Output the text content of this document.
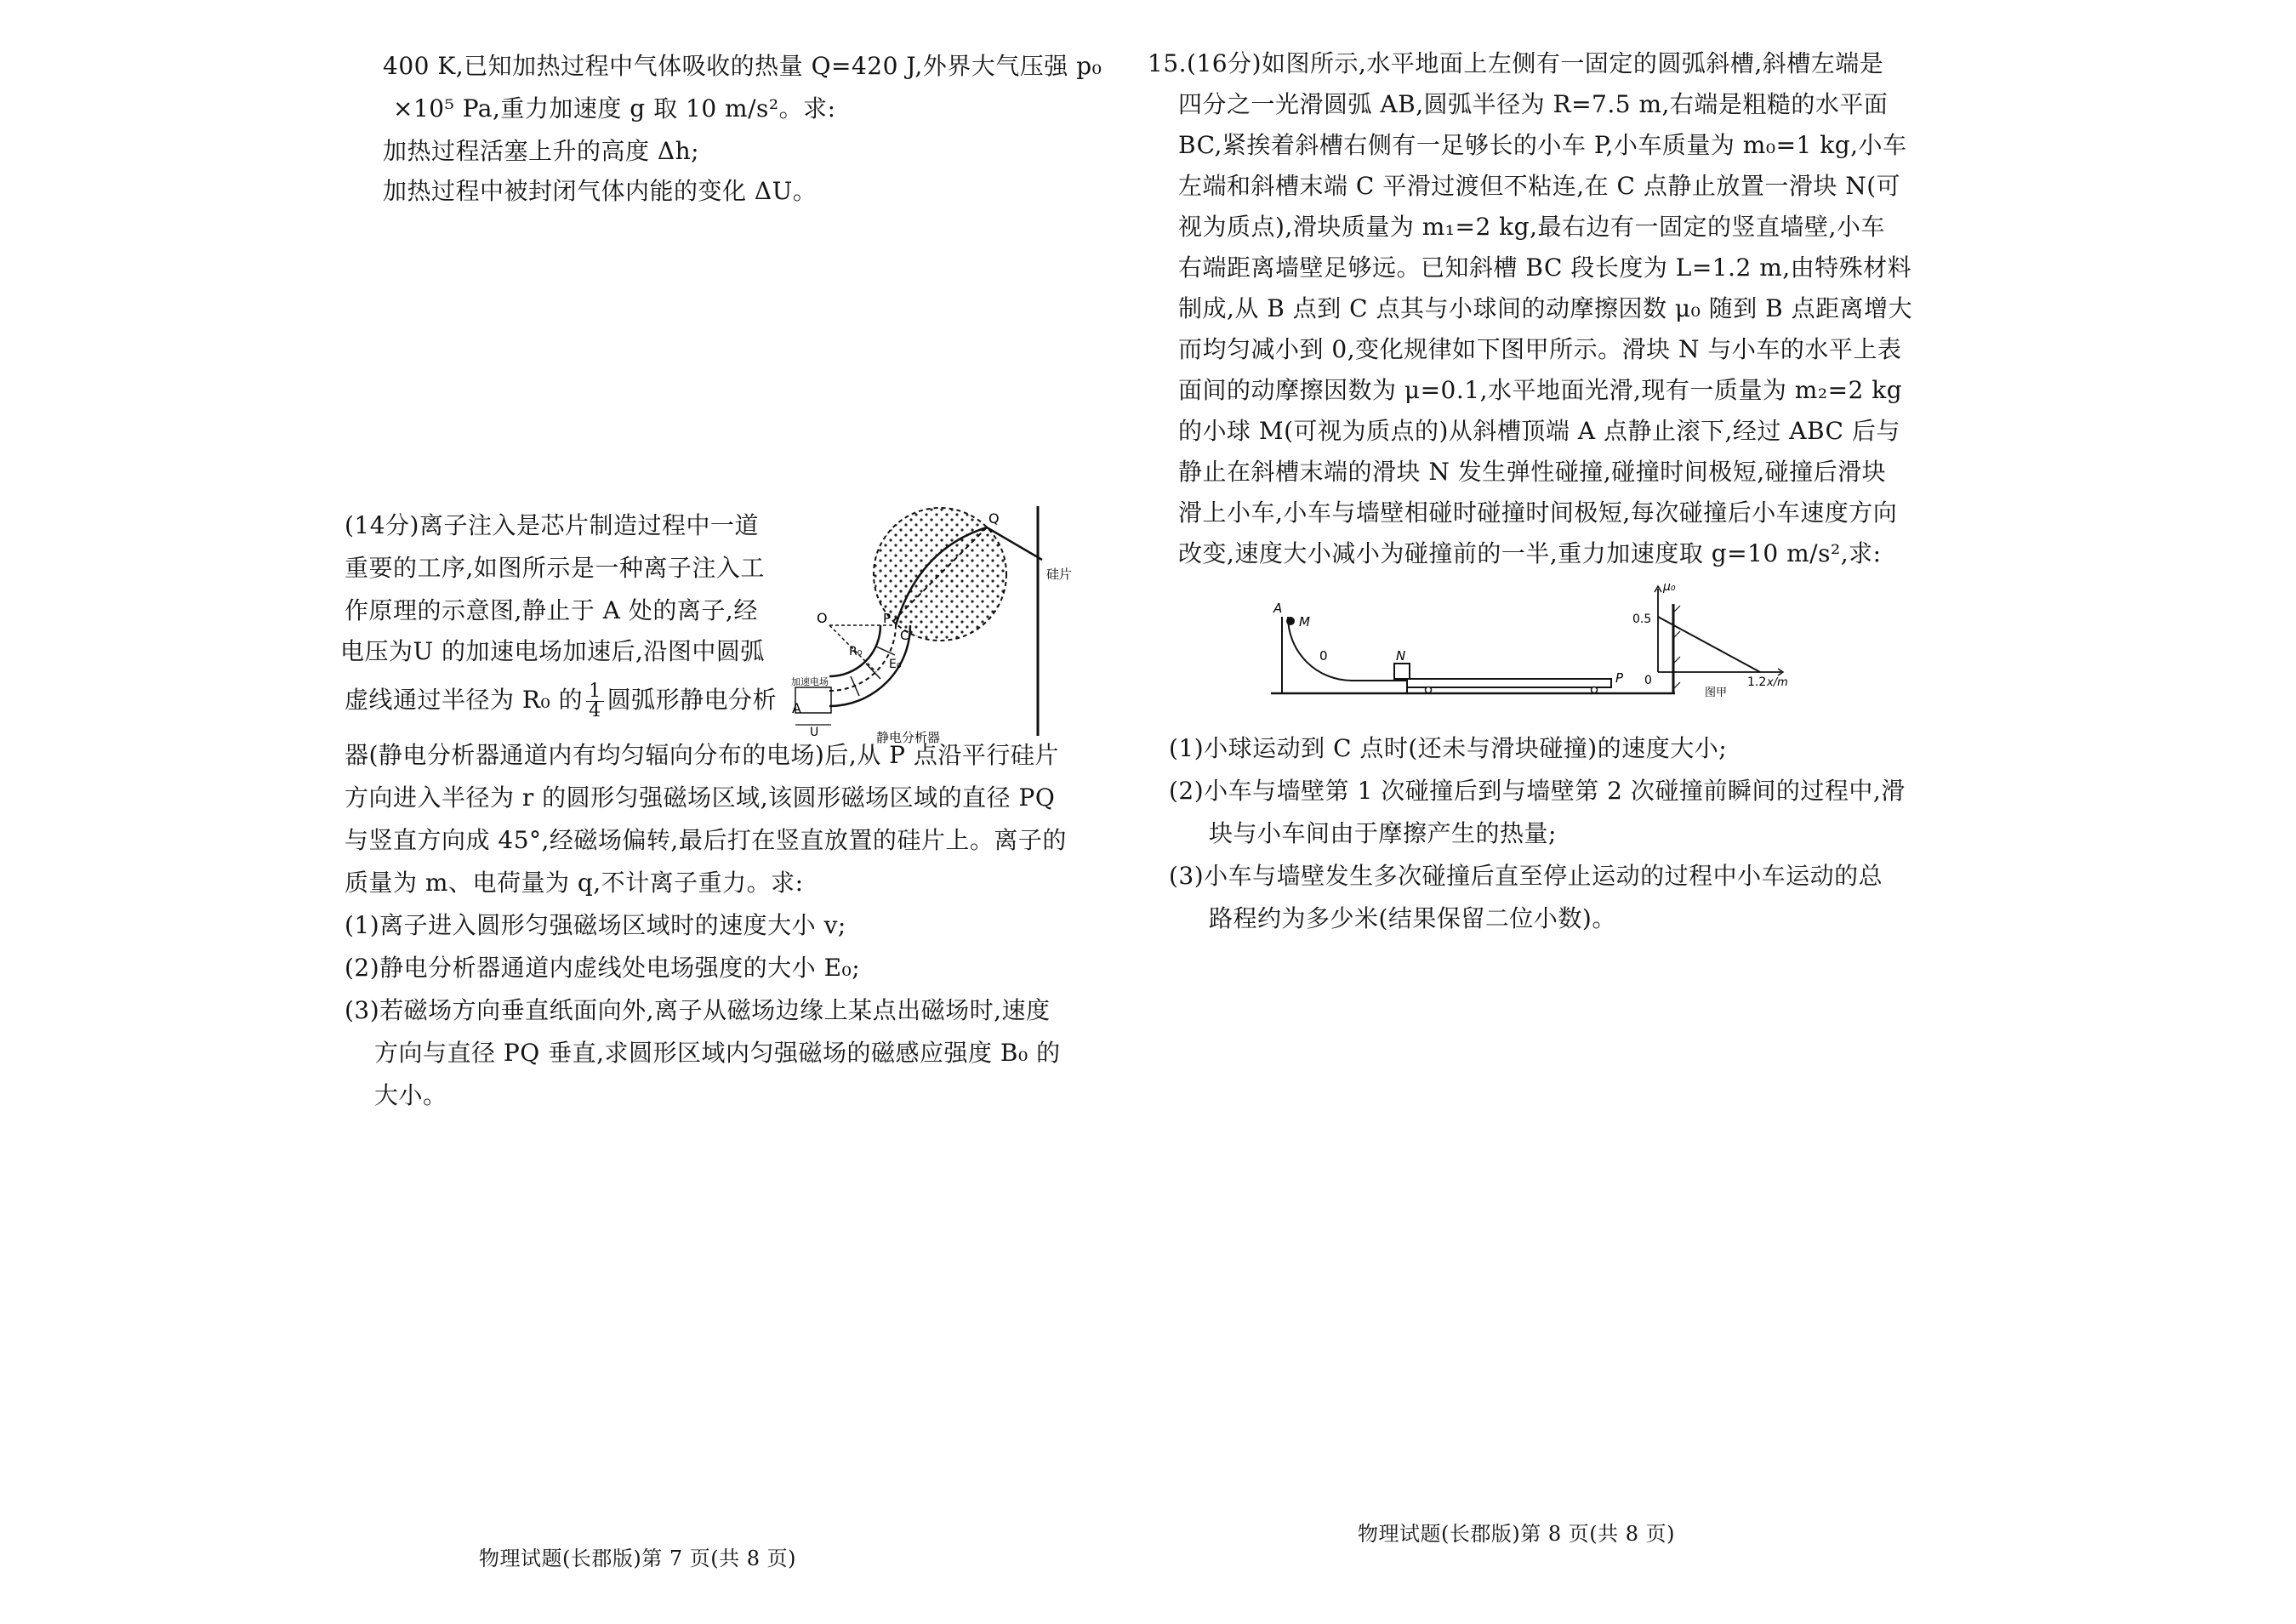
400 K,已知加热过程中气体吸收的热量 Q=420 J,外界大气压强 p₀
×10⁵ Pa,重力加速度 g 取 10 m/s²。求:
加热过程活塞上升的高度 Δh;
加热过程中被封闭气体内能的变化 ΔU。
(14分)离子注入是芯片制造过程中一道
重要的工序,如图所示是一种离子注入工
作原理的示意图,静止于 A 处的离子,经
电压为U 的加速电场加速后,沿图中圆弧
虚线通过半径为 R₀ 的 $\frac{1}{4}$ 圆弧形静电分析
器(静电分析器通道内有均匀辐向分布的电场)后,从 P 点沿平行硅片
方向进入半径为 r 的圆形匀强磁场区域,该圆形磁场区域的直径 PQ
与竖直方向成 45°,经磁场偏转,最后打在竖直放置的硅片上。离子的
质量为 m、电荷量为 q,不计离子重力。求:
(1)离子进入圆形匀强磁场区域时的速度大小 v;
(2)静电分析器通道内虚线处电场强度的大小 E₀;
(3)若磁场方向垂直纸面向外,离子从磁场边缘上某点出磁场时,速度
方向与直径 PQ 垂直,求圆形区域内匀强磁场的磁感应强度 B₀ 的
大小。
A
加速电场
U
O
R₀
P
C
E₀
Q
硅片
静电分析器
物理试题(长郡版)第 7 页(共 8 页)
15.(16分)如图所示,水平地面上左侧有一固定的圆弧斜槽,斜槽左端是
四分之一光滑圆弧 AB,圆弧半径为 R=7.5 m,右端是粗糙的水平面
BC,紧挨着斜槽右侧有一足够长的小车 P,小车质量为 m₀=1 kg,小车
左端和斜槽末端 C 平滑过渡但不粘连,在 C 点静止放置一滑块 N(可
视为质点),滑块质量为 m₁=2 kg,最右边有一固定的竖直墙壁,小车
右端距离墙壁足够远。已知斜槽 BC 段长度为 L=1.2 m,由特殊材料
制成,从 B 点到 C 点其与小球间的动摩擦因数 μ₀ 随到 B 点距离增大
而均匀减小到 0,变化规律如下图甲所示。滑块 N 与小车的水平上表
面间的动摩擦因数为 μ=0.1,水平地面光滑,现有一质量为 m₂=2 kg
的小球 M(可视为质点的)从斜槽顶端 A 点静止滚下,经过 ABC 后与
静止在斜槽末端的滑块 N 发生弹性碰撞,碰撞时间极短,碰撞后滑块
滑上小车,小车与墙壁相碰时碰撞时间极短,每次碰撞后小车速度方向
改变,速度大小减小为碰撞前的一半,重力加速度取 g=10 m/s²,求:
A
M
0	N
P
μ₀
0.5
0	1.2 x/m
图甲
(1)小球运动到 C 点时(还未与滑块碰撞)的速度大小;
(2)小车与墙壁第 1 次碰撞后到与墙壁第 2 次碰撞前瞬间的过程中,滑
块与小车间由于摩擦产生的热量;
(3)小车与墙壁发生多次碰撞后直至停止运动的过程中小车运动的总
路程约为多少米(结果保留二位小数)。
物理试题(长郡版)第 8 页(共 8 页)
